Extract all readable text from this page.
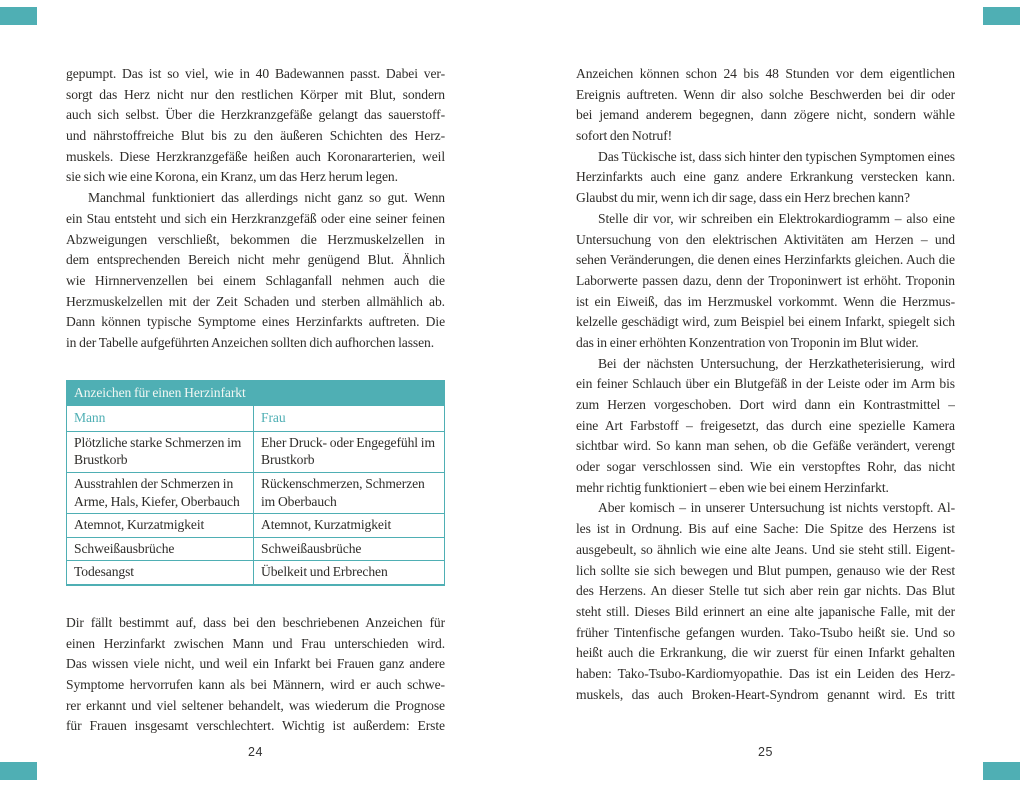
gepumpt. Das ist so viel, wie in 40 Badewannen passt. Dabei ver-
sorgt das Herz nicht nur den restlichen Körper mit Blut, sondern
auch sich selbst. Über die Herzkranzgefäße gelangt das sauerstoff-
und nährstoffreiche Blut bis zu den äußeren Schichten des Herz-
muskels. Diese Herzkranzgefäße heißen auch Koronararterien, weil
sie sich wie eine Korona, ein Kranz, um das Herz herum legen.
Manchmal funktioniert das allerdings nicht ganz so gut. Wenn
ein Stau entsteht und sich ein Herzkranzgefäß oder eine seiner feinen
Abzweigungen verschließt, bekommen die Herzmuskelzellen in
dem entsprechenden Bereich nicht mehr genügend Blut. Ähnlich
wie Hirnnervenzellen bei einem Schlaganfall nehmen auch die
Herzmuskelzellen mit der Zeit Schaden und sterben allmählich ab.
Dann können typische Symptome eines Herzinfarkts auftreten. Die
in der Tabelle aufgeführten Anzeichen sollten dich aufhorchen lassen.
Anzeichen für einen Herzinfarkt	
Mann	Frau
Plötzliche starke Schmerzen im Brustkorb	Eher Druck- oder Engegefühl im Brustkorb
Ausstrahlen der Schmerzen in Arme, Hals, Kiefer, Oberbauch	Rückenschmerzen, Schmerzen im Oberbauch
Atemnot, Kurzatmigkeit	Atemnot, Kurzatmigkeit
Schweißausbrüche	Schweißausbrüche
Todesangst	Übelkeit und Erbrechen
Dir fällt bestimmt auf, dass bei den beschriebenen Anzeichen für
einen Herzinfarkt zwischen Mann und Frau unterschieden wird.
Das wissen viele nicht, und weil ein Infarkt bei Frauen ganz andere
Symptome hervorrufen kann als bei Männern, wird er auch schwe-
rer erkannt und viel seltener behandelt, was wiederum die Prognose
für Frauen insgesamt verschlechtert. Wichtig ist außerdem: Erste
Anzeichen können schon 24 bis 48 Stunden vor dem eigentlichen
Ereignis auftreten. Wenn dir also solche Beschwerden bei dir oder
bei jemand anderem begegnen, dann zögere nicht, sondern wähle
sofort den Notruf!
Das Tückische ist, dass sich hinter den typischen Symptomen eines
Herzinfarkts auch eine ganz andere Erkrankung verstecken kann.
Glaubst du mir, wenn ich dir sage, dass ein Herz brechen kann?
Stelle dir vor, wir schreiben ein Elektrokardiogramm – also eine
Untersuchung von den elektrischen Aktivitäten am Herzen – und
sehen Veränderungen, die denen eines Herzinfarkts gleichen. Auch die
Laborwerte passen dazu, denn der Troponinwert ist erhöht. Troponin
ist ein Eiweiß, das im Herzmuskel vorkommt. Wenn die Herzmus-
kelzelle geschädigt wird, zum Beispiel bei einem Infarkt, spiegelt sich
das in einer erhöhten Konzentration von Troponin im Blut wider.
Bei der nächsten Untersuchung, der Herzkatheterisierung, wird
ein feiner Schlauch über ein Blutgefäß in der Leiste oder im Arm bis
zum Herzen vorgeschoben. Dort wird dann ein Kontrastmittel –
eine Art Farbstoff – freigesetzt, das durch eine spezielle Kamera
sichtbar wird. So kann man sehen, ob die Gefäße verändert, verengt
oder sogar verschlossen sind. Wie ein verstopftes Rohr, das nicht
mehr richtig funktioniert – eben wie bei einem Herzinfarkt.
Aber komisch – in unserer Untersuchung ist nichts verstopft. Al-
les ist in Ordnung. Bis auf eine Sache: Die Spitze des Herzens ist
ausgebeult, so ähnlich wie eine alte Jeans. Und sie steht still. Eigent-
lich sollte sie sich bewegen und Blut pumpen, genauso wie der Rest
des Herzens. An dieser Stelle tut sich aber rein gar nichts. Das Blut
steht still. Dieses Bild erinnert an eine alte japanische Falle, mit der
früher Tintenfische gefangen wurden. Tako-Tsubo heißt sie. Und so
heißt auch die Erkrankung, die wir zuerst für einen Infarkt gehalten
haben: Tako-Tsubo-Kardiomyopathie. Das ist ein Leiden des Herz-
muskels, das auch Broken-Heart-Syndrom genannt wird. Es tritt
24	25
